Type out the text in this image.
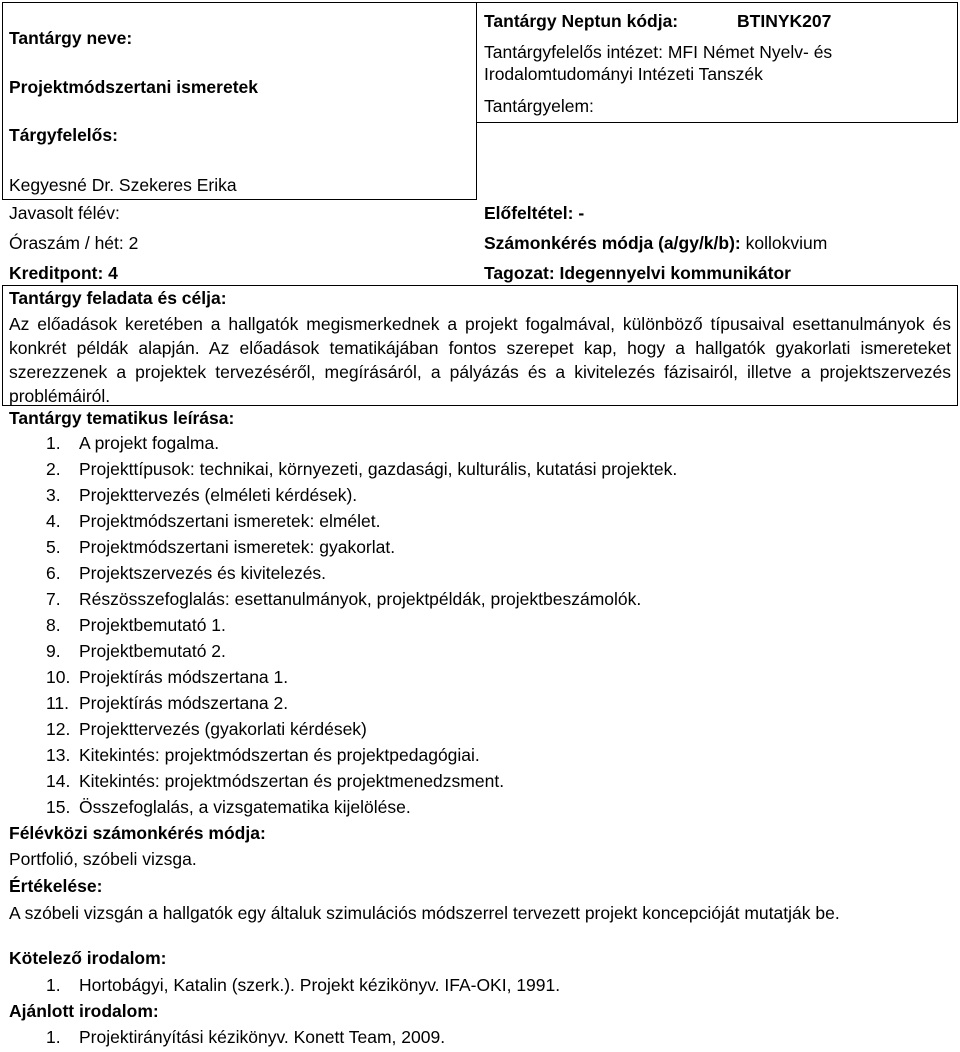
Tantárgy neve:
Projektmódszertani ismeretek
Tárgyfelelős:
Kegyesné Dr. Szekeres Erika
Tantárgy Neptun kódja:	BTINYK207
Tantárgyfelelős intézet: MFI Német Nyelv- és
Irodalomtudományi Intézeti Tanszék
Tantárgyelem:
Javasolt félév:	Előfeltétel: -
Óraszám / hét: 2	Számonkérés módja (a/gy/k/b): kollokvium
Kreditpont: 4	Tagozat: Idegennyelvi kommunikátor
Tantárgy feladata és célja:
Az előadások keretében a hallgatók megismerkednek a projekt fogalmával, különböző típusaival esettanulmányok és konkrét példák alapján. Az előadások tematikájában fontos szerepet kap, hogy a hallgatók gyakorlati ismereteket szerezzenek a projektek tervezéséről, megírásáról, a pályázás és a kivitelezés fázisairól, illetve a projektszervezés problémáiról.
Tantárgy tematikus leírása:
1.	A projekt fogalma.
2.	Projekttípusok: technikai, környezeti, gazdasági, kulturális, kutatási projektek.
3.	Projekttervezés (elméleti kérdések).
4.	Projektmódszertani ismeretek: elmélet.
5.	Projektmódszertani ismeretek: gyakorlat.
6.	Projektszervezés és kivitelezés.
7.	Részösszefoglalás: esettanulmányok, projektpéldák, projektbeszámolók.
8.	Projektbemutató 1.
9.	Projektbemutató 2.
10. Projektírás módszertana 1.
11. Projektírás módszertana 2.
12. Projekttervezés (gyakorlati kérdések)
13. Kitekintés: projektmódszertan és projektpedagógiai.
14. Kitekintés: projektmódszertan és projektmenedzsment.
15. Összefoglalás, a vizsgatematika kijelölése.
Félévközi számonkérés módja:
Portfolió, szóbeli vizsga.
Értékelése:
A szóbeli vizsgán a hallgatók egy általuk szimulációs módszerrel tervezett projekt koncepcióját mutatják be.
Kötelező irodalom:
1.	Hortobágyi, Katalin (szerk.). Projekt kézikönyv. IFA-OKI, 1991.
Ajánlott irodalom:
1.	Projektirányítási kézikönyv. Konett Team, 2009.
